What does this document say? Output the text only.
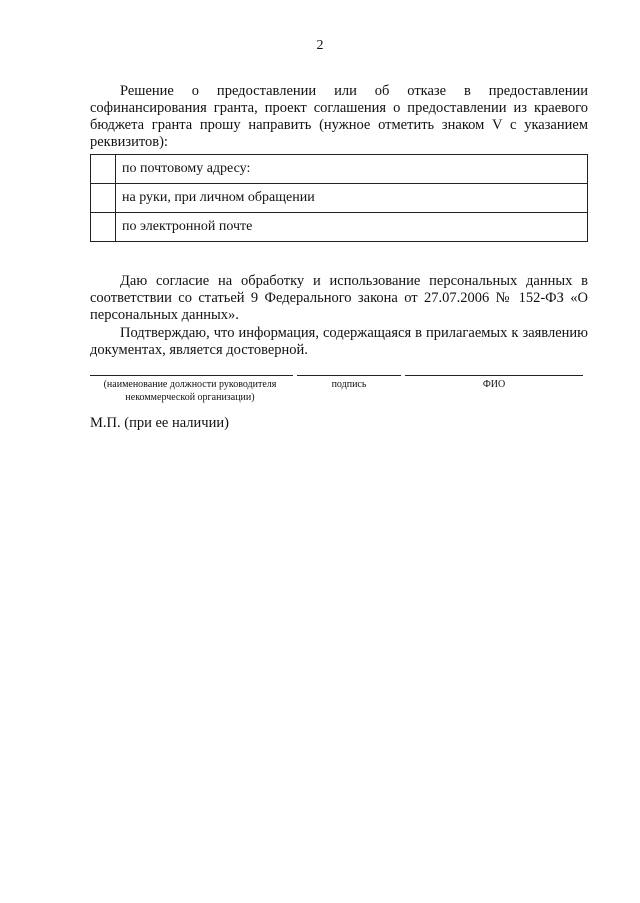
2

Решение о предоставлении или об отказе в предоставлении софинансирования гранта, проект соглашения о предоставлении из краевого бюджета гранта прошу направить (нужное отметить знаком V с указанием реквизитов):

	по почтовому адресу:
	на руки, при личном обращении
	по электронной почте

Даю согласие на обработку и использование персональных данных в соответствии со статьей 9 Федерального закона от 27.07.2006 № 152-ФЗ «О персональных данных».

Подтверждаю, что информация, содержащаяся в прилагаемых к заявлению документах, является достоверной.

(наименование должности руководителя некоммерческой организации)
подпись	ФИО
М.П. (при ее наличии)
